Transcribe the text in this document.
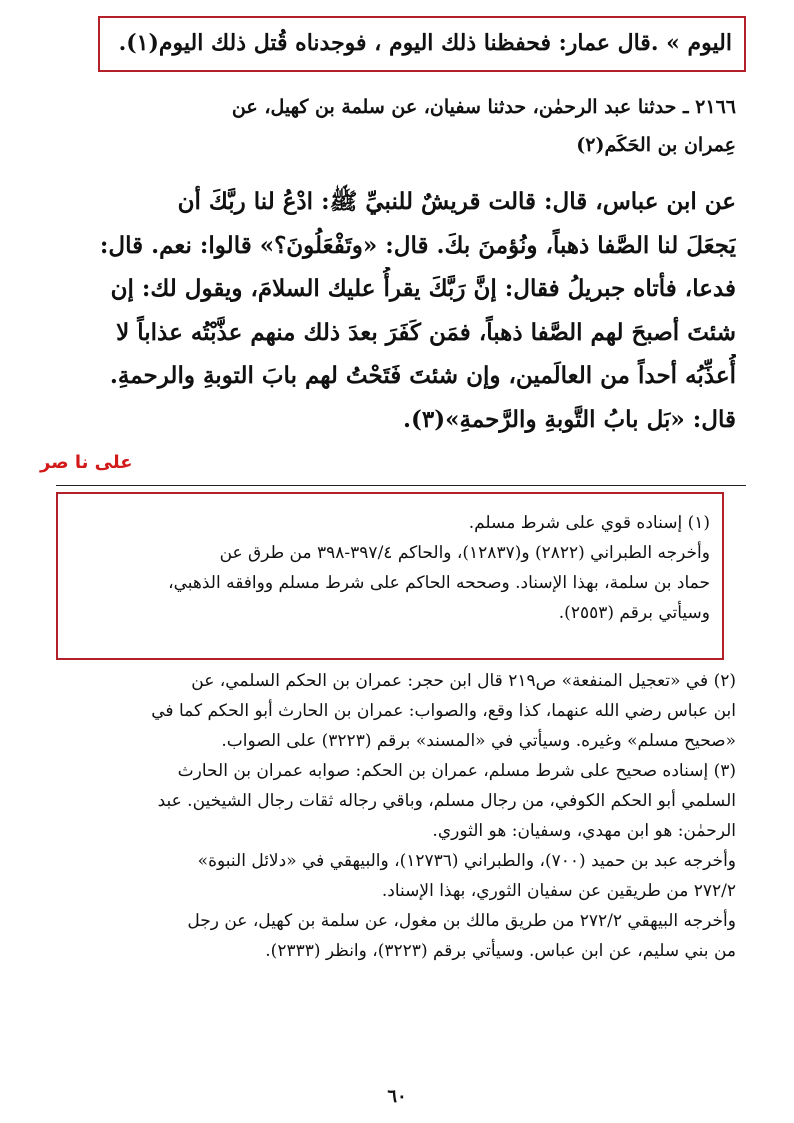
اليوم » .قال عمار: فحفظنا ذلك اليوم ، فوجدناه قُتل ذلك اليوم(١).
٢١٦٦ ـ حدثنا عبد الرحمٰن، حدثنا سفيان، عن سلمة بن كهيل، عن
عِمران بن الحَكَم(٢)
عن ابن عباس، قال: قالت قريشٌ للنبيِّ ﷺ: ادْعُ لنا ربَّكَ أن
يَجعَلَ لنا الصَّفا ذهباً، ونُؤمنَ بكَ. قال: «وتَفْعَلُونَ؟» قالوا: نعم. قال:
فدعا، فأتاه جبريلُ فقال: إنَّ رَبَّكَ يقرأُ عليك السلامَ، ويقول لك: إن
شئتَ أصبحَ لهم الصَّفا ذهباً، فمَن كَفَرَ بعدَ ذلك منهم عذَّبْتُه عذاباً لا
أُعذِّبُه أحداً من العالَمين، وإن شئتَ فَتَحْتُ لهم بابَ التوبةِ والرحمةِ.
قال: «بَل بابُ التَّوبةِ والرَّحمةِ»(٣).
على نا صر
(١) إسناده قوي على شرط مسلم.
وأخرجه الطبراني (٢٨٢٢) و(١٢٨٣٧)، والحاكم ٣٩٧/٤-٣٩٨ من طرق عن
حماد بن سلمة، بهذا الإسناد. وصححه الحاكم على شرط مسلم ووافقه الذهبي،
وسيأتي برقم (٢٥٥٣).
(٢) في «تعجيل المنفعة» ص٢١٩ قال ابن حجر: عمران بن الحكم السلمي، عن
ابن عباس رضي الله عنهما، كذا وقع، والصواب: عمران بن الحارث أبو الحكم كما في
«صحيح مسلم» وغيره. وسيأتي في «المسند» برقم (٣٢٢٣) على الصواب.
(٣) إسناده صحيح على شرط مسلم، عمران بن الحكم: صوابه عمران بن الحارث
السلمي أبو الحكم الكوفي، من رجال مسلم، وباقي رجاله ثقات رجال الشيخين. عبد
الرحمٰن: هو ابن مهدي، وسفيان: هو الثوري.
وأخرجه عبد بن حميد (٧٠٠)، والطبراني (١٢٧٣٦)، والبيهقي في «دلائل النبوة»
٢٧٢/٢ من طريقين عن سفيان الثوري، بهذا الإسناد.
وأخرجه البيهقي ٢٧٢/٢ من طريق مالك بن مغول، عن سلمة بن كهيل، عن رجل
من بني سليم، عن ابن عباس. وسيأتي برقم (٣٢٢٣)، وانظر (٢٣٣٣).
٦٠
